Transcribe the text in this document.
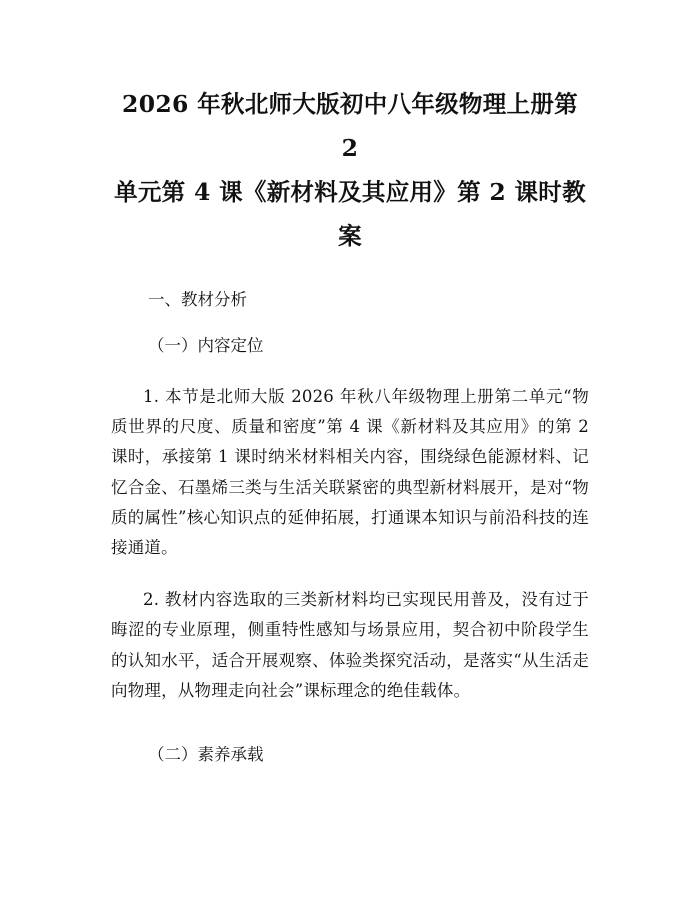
2026 年秋北师大版初中八年级物理上册第 2
单元第 4 课《新材料及其应用》第 2 课时教
案

一、教材分析

（一）内容定位

1. 本节是北师大版 2026 年秋八年级物理上册第二单元“物质世界的尺度、质量和密度”第 4 课《新材料及其应用》的第 2 课时，承接第 1 课时纳米材料相关内容，围绕绿色能源材料、记忆合金、石墨烯三类与生活关联紧密的典型新材料展开，是对“物质的属性”核心知识点的延伸拓展，打通课本知识与前沿科技的连接通道。

2. 教材内容选取的三类新材料均已实现民用普及，没有过于晦涩的专业原理，侧重特性感知与场景应用，契合初中阶段学生的认知水平，适合开展观察、体验类探究活动，是落实“从生活走向物理，从物理走向社会”课标理念的绝佳载体。

（二）素养承载
